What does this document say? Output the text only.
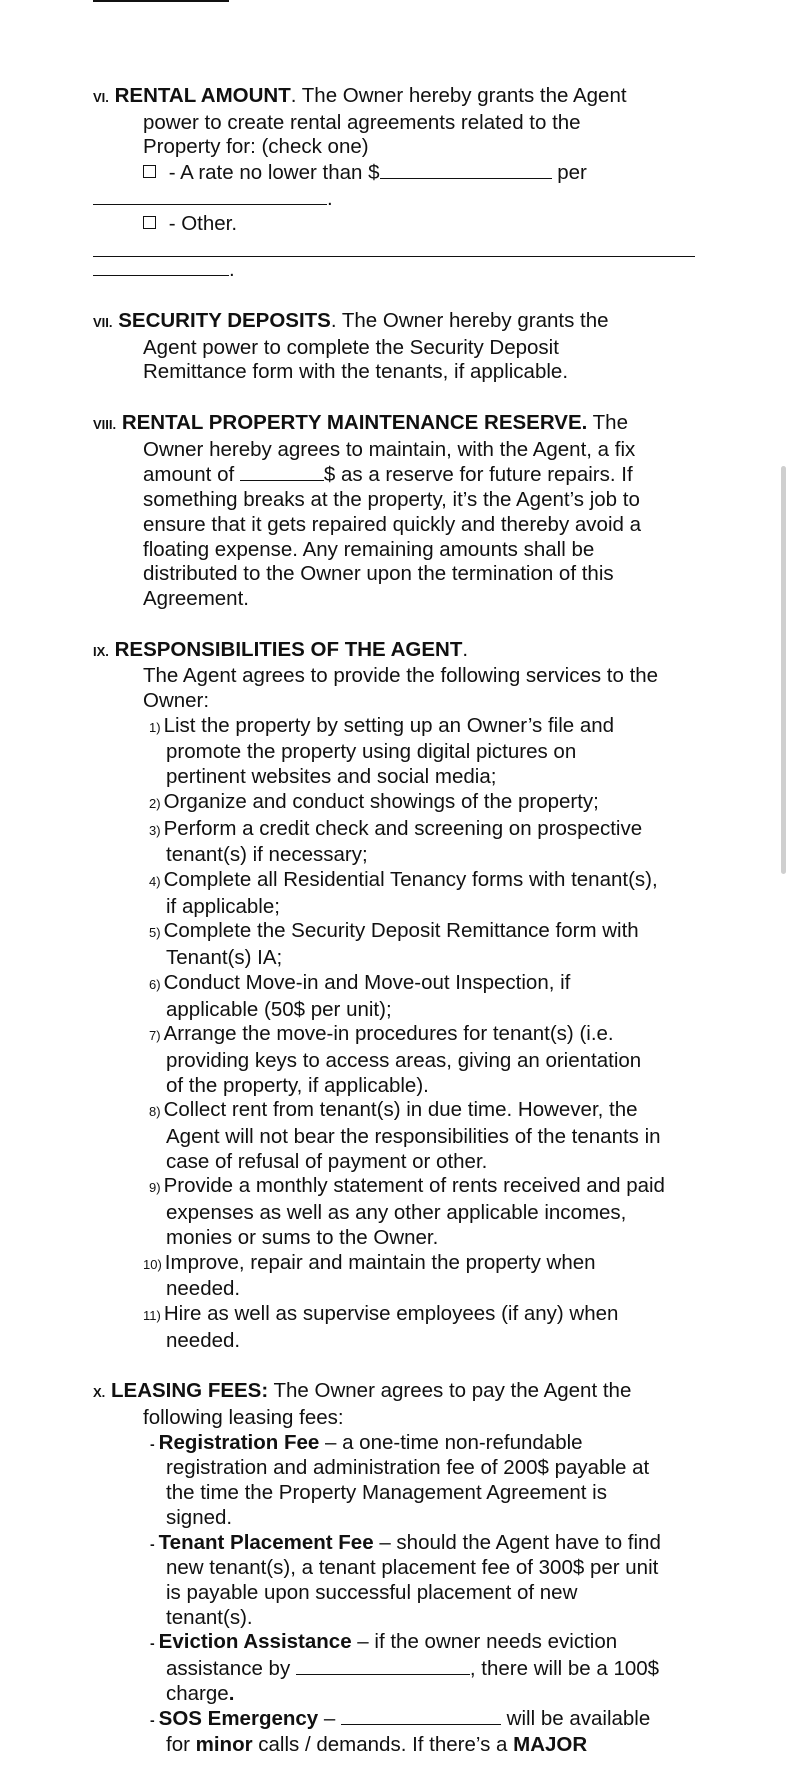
VI. RENTAL AMOUNT. The Owner hereby grants the Agent

power to create rental agreements related to the

Property for: (check one)

- A rate no lower than $	per

.

- Other.

.

VII. SECURITY DEPOSITS. The Owner hereby grants the

Agent power to complete the Security Deposit

Remittance form with the tenants, if applicable.

VIII. RENTAL PROPERTY MAINTENANCE RESERVE. The

Owner hereby agrees to maintain, with the Agent, a fix

amount of	$ as a reserve for future repairs. If

something breaks at the property, it’s the Agent’s job to

ensure that it gets repaired quickly and thereby avoid a

floating expense. Any remaining amounts shall be

distributed to the Owner upon the termination of this

Agreement.

IX. RESPONSIBILITIES OF THE AGENT.

The Agent agrees to provide the following services to the

Owner:

1) List the property by setting up an Owner’s file and
promote the property using digital pictures on
pertinent websites and social media;

2) Organize and conduct showings of the property;

3) Perform a credit check and screening on prospective
tenant(s) if necessary;

4) Complete all Residential Tenancy forms with tenant(s),
if applicable;

5) Complete the Security Deposit Remittance form with
Tenant(s) IA;

6) Conduct Move-in and Move-out Inspection, if
applicable (50$ per unit);

7) Arrange the move-in procedures for tenant(s) (i.e.
providing keys to access areas, giving an orientation
of the property, if applicable).

8) Collect rent from tenant(s) in due time. However, the
Agent will not bear the responsibilities of the tenants in
case of refusal of payment or other.

9) Provide a monthly statement of rents received and paid
expenses as well as any other applicable incomes,
monies or sums to the Owner.

10) Improve, repair and maintain the property when
needed.

11) Hire as well as supervise employees (if any) when
needed.

X. LEASING FEES: The Owner agrees to pay the Agent the

following leasing fees:

- Registration Fee – a one-time non-refundable
registration and administration fee of 200$ payable at
the time the Property Management Agreement is
signed.

- Tenant Placement Fee – should the Agent have to find
new tenant(s), a tenant placement fee of 300$ per unit
is payable upon successful placement of new
tenant(s).

- Eviction Assistance – if the owner needs eviction
assistance by	, there will be a 100$
charge.

- SOS Emergency –	will be available
for minor calls / demands. If there’s a MAJOR
